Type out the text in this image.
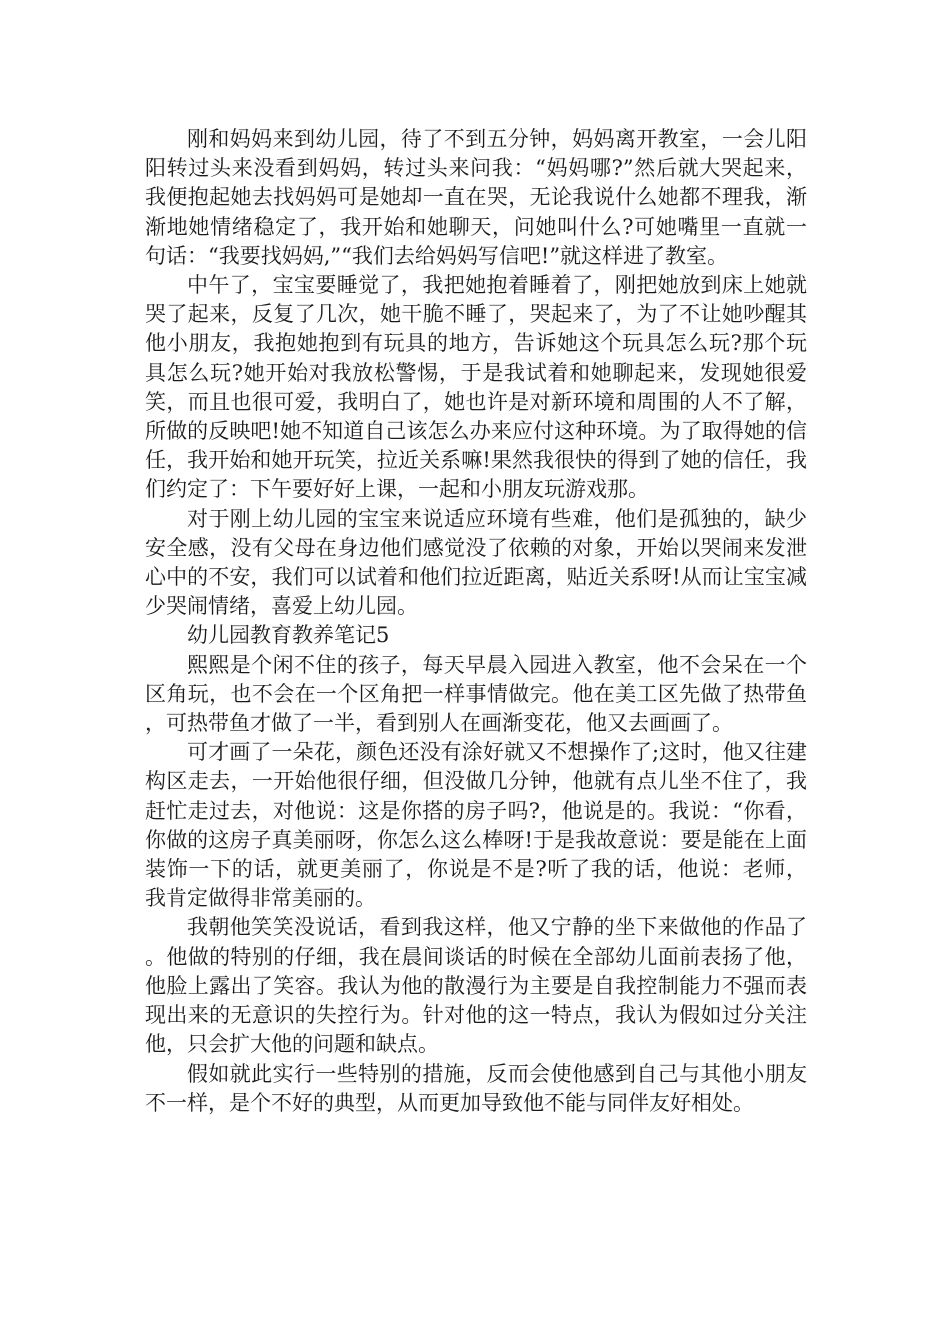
刚和妈妈来到幼儿园，待了不到五分钟，妈妈离开教室，一会儿阳阳转过头来没看到妈妈，转过头来问我：“妈妈哪?”然后就大哭起来，我便抱起她去找妈妈可是她却一直在哭，无论我说什么她都不理我，渐渐地她情绪稳定了，我开始和她聊天，问她叫什么?可她嘴里一直就一句话：“我要找妈妈,”“我们去给妈妈写信吧!”就这样进了教室。

中午了，宝宝要睡觉了，我把她抱着睡着了，刚把她放到床上她就哭了起来，反复了几次，她干脆不睡了，哭起来了，为了不让她吵醒其他小朋友，我抱她抱到有玩具的地方，告诉她这个玩具怎么玩?那个玩具怎么玩?她开始对我放松警惕，于是我试着和她聊起来，发现她很爱笑，而且也很可爱，我明白了，她也许是对新环境和周围的人不了解，所做的反映吧!她不知道自己该怎么办来应付这种环境。为了取得她的信任，我开始和她开玩笑，拉近关系嘛!果然我很快的得到了她的信任，我们约定了：下午要好好上课，一起和小朋友玩游戏那。

对于刚上幼儿园的宝宝来说适应环境有些难，他们是孤独的，缺少安全感，没有父母在身边他们感觉没了依赖的对象，开始以哭闹来发泄心中的不安，我们可以试着和他们拉近距离，贴近关系呀!从而让宝宝减少哭闹情绪，喜爱上幼儿园。

幼儿园教育教养笔记5

熙熙是个闲不住的孩子，每天早晨入园进入教室，他不会呆在一个区角玩，也不会在一个区角把一样事情做完。他在美工区先做了热带鱼，可热带鱼才做了一半，看到别人在画渐变花，他又去画画了。

可才画了一朵花，颜色还没有涂好就又不想操作了;这时，他又往建构区走去，一开始他很仔细，但没做几分钟，他就有点儿坐不住了，我赶忙走过去，对他说：这是你搭的房子吗?，他说是的。我说：“你看，你做的这房子真美丽呀，你怎么这么棒呀!于是我故意说：要是能在上面装饰一下的话，就更美丽了，你说是不是?听了我的话，他说：老师，我肯定做得非常美丽的。

我朝他笑笑没说话，看到我这样，他又宁静的坐下来做他的作品了。他做的特别的仔细，我在晨间谈话的时候在全部幼儿面前表扬了他，他脸上露出了笑容。我认为他的散漫行为主要是自我控制能力不强而表现出来的无意识的失控行为。针对他的这一特点，我认为假如过分关注他，只会扩大他的问题和缺点。

假如就此实行一些特别的措施，反而会使他感到自己与其他小朋友不一样，是个不好的典型，从而更加导致他不能与同伴友好相处。
